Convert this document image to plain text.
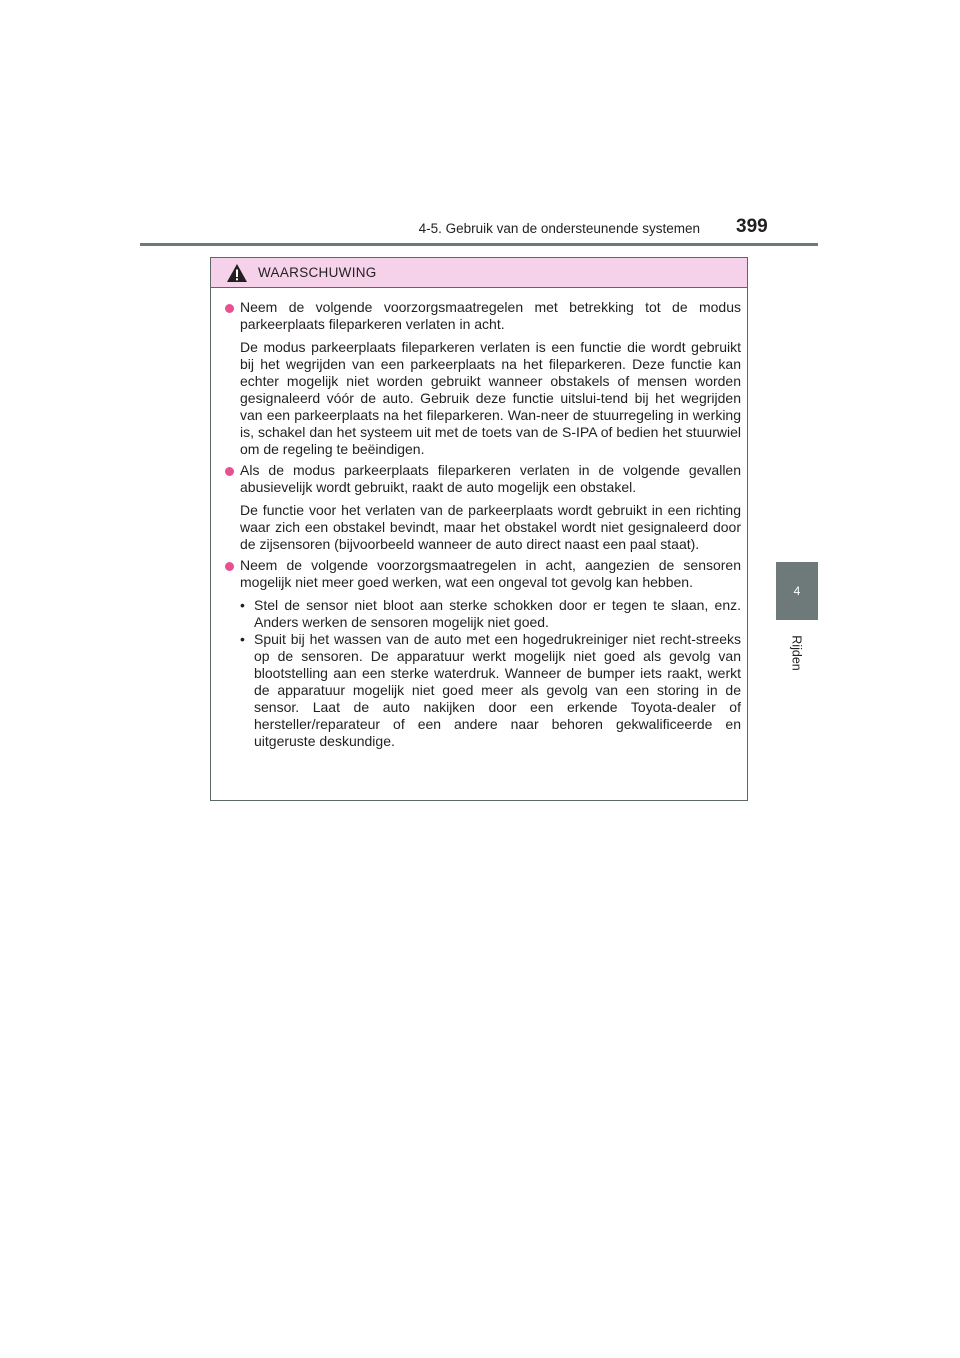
4-5. Gebruik van de ondersteunende systemen 399
4
Rijden
WAARSCHUWING

Neem de volgende voorzorgsmaatregelen met betrekking tot de modus parkeerplaats fileparkeren verlaten in acht.

De modus parkeerplaats fileparkeren verlaten is een functie die wordt gebruikt bij het wegrijden van een parkeerplaats na het fileparkeren. Deze functie kan echter mogelijk niet worden gebruikt wanneer obstakels of mensen worden gesignaleerd vóór de auto. Gebruik deze functie uitslui-tend bij het wegrijden van een parkeerplaats na het fileparkeren. Wan-neer de stuurregeling in werking is, schakel dan het systeem uit met de toets van de S-IPA of bedien het stuurwiel om de regeling te beëindigen.

Als de modus parkeerplaats fileparkeren verlaten in de volgende gevallen abusievelijk wordt gebruikt, raakt de auto mogelijk een obstakel.

De functie voor het verlaten van de parkeerplaats wordt gebruikt in een richting waar zich een obstakel bevindt, maar het obstakel wordt niet gesignaleerd door de zijsensoren (bijvoorbeeld wanneer de auto direct naast een paal staat).

Neem de volgende voorzorgsmaatregelen in acht, aangezien de sensoren mogelijk niet meer goed werken, wat een ongeval tot gevolg kan hebben.

• Stel de sensor niet bloot aan sterke schokken door er tegen te slaan, enz. Anders werken de sensoren mogelijk niet goed.

• Spuit bij het wassen van de auto met een hogedrukreiniger niet recht-streeks op de sensoren. De apparatuur werkt mogelijk niet goed als gevolg van blootstelling aan een sterke waterdruk. Wanneer de bumper iets raakt, werkt de apparatuur mogelijk niet goed meer als gevolg van een storing in de sensor. Laat de auto nakijken door een erkende Toyota-dealer of hersteller/reparateur of een andere naar behoren gekwalificeerde en uitgeruste deskundige.
